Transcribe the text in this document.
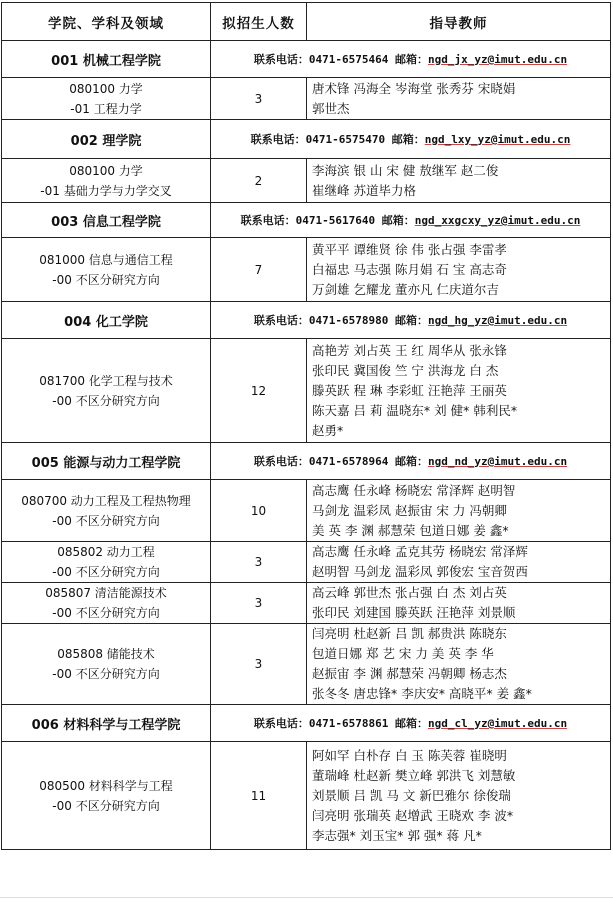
学院、学科及领域	拟招生人数	指导教师
001 机械工程学院	联系电话：0471-6575464 邮箱：ngd_jx_yz@imut.edu.cn	

080100 力学
-01 工程力学	3	唐术锋 冯海全 岑海堂 张秀芬 宋晓娟
郭世杰

002 理学院	联系电话：0471-6575470 邮箱：ngd_lxy_yz@imut.edu.cn	

080100 力学
-01 基础力学与力学交叉	2	李海滨 银 山 宋 健 敖继军 赵二俊
崔继峰 苏道毕力格

003 信息工程学院	联系电话：0471-5617640 邮箱：ngd_xxgcxy_yz@imut.edu.cn	

081000 信息与通信工程
-00 不区分研究方向	7	黄平平 谭维贤 徐 伟 张占强 李雷孝
白福忠 马志强 陈月娟 石 宝 高志奇
万剑雄 乞耀龙 董亦凡 仁庆道尔吉

004 化工学院	联系电话：0471-6578980 邮箱：ngd_hg_yz@imut.edu.cn	

081700 化学工程与技术
-00 不区分研究方向	12	高艳芳 刘占英 王 红 周华从 张永锋
张印民 冀国俊 竺 宁 洪海龙 白 杰
滕英跃 程 琳 李彩虹 汪艳萍 王丽英
陈天嘉 吕 莉 温晓东* 刘 健* 韩利民*
赵勇*

005 能源与动力工程学院	联系电话：0471-6578964 邮箱：ngd_nd_yz@imut.edu.cn	

080700 动力工程及工程热物理
-00 不区分研究方向	10	高志鹰 任永峰 杨晓宏 常泽辉 赵明智
马剑龙 温彩凤 赵振宙 宋 力 冯朝卿
美 英 李 渊 郝慧荣 包道日娜 姜 鑫*

085802 动力工程
-00 不区分研究方向	3	高志鹰 任永峰 孟克其劳 杨晓宏 常泽辉
赵明智 马剑龙 温彩凤 郭俊宏 宝音贺西

085807 清洁能源技术
-00 不区分研究方向	3	高云峰 郭世杰 张占强 白 杰 刘占英
张印民 刘建国 滕英跃 汪艳萍 刘景顺

085808 储能技术
-00 不区分研究方向	3	闫亮明 杜赵新 吕 凯 郝贵洪 陈晓东
包道日娜 郑 艺 宋 力 美 英 李 华
赵振宙 李 渊 郝慧荣 冯朝卿 杨志杰
张冬冬 唐忠锋* 李庆安* 高晓平* 姜 鑫*

006 材料科学与工程学院	联系电话：0471-6578861 邮箱：ngd_cl_yz@imut.edu.cn	

080500 材料科学与工程
-00 不区分研究方向	11	阿如罕 白朴存 白 玉 陈芙蓉 崔晓明
董瑞峰 杜赵新 樊立峰 郭洪飞 刘慧敏
刘景顺 吕 凯 马 文 新巴雅尔 徐俊瑞
闫亮明 张瑞英 赵增武 王晓欢 李 波*
李志强* 刘玉宝* 郭 强* 蒋 凡*
